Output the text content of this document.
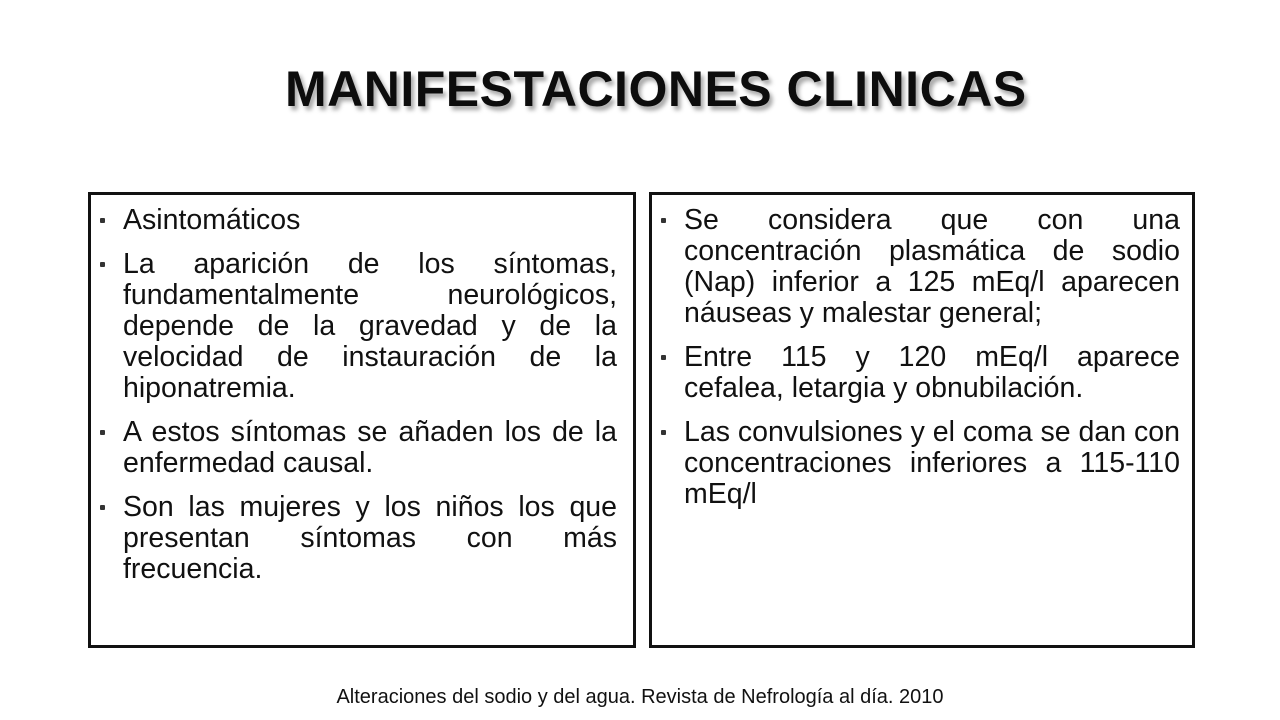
MANIFESTACIONES CLINICAS
Asintomáticos
La aparición de los síntomas, fundamentalmente neurológicos, depende de la gravedad y de la velocidad de instauración de la hiponatremia.
A estos síntomas se añaden los de la enfermedad causal.
Son las mujeres y los niños los que presentan síntomas con más frecuencia.
Se considera que con una concentración plasmática de sodio (Nap) inferior a 125 mEq/l aparecen náuseas y malestar general;
Entre 115 y 120 mEq/l aparece cefalea, letargia y obnubilación.
Las convulsiones y el coma se dan con concentraciones inferiores a 115-110 mEq/l
Alteraciones del sodio y del agua. Revista de Nefrología al día. 2010
